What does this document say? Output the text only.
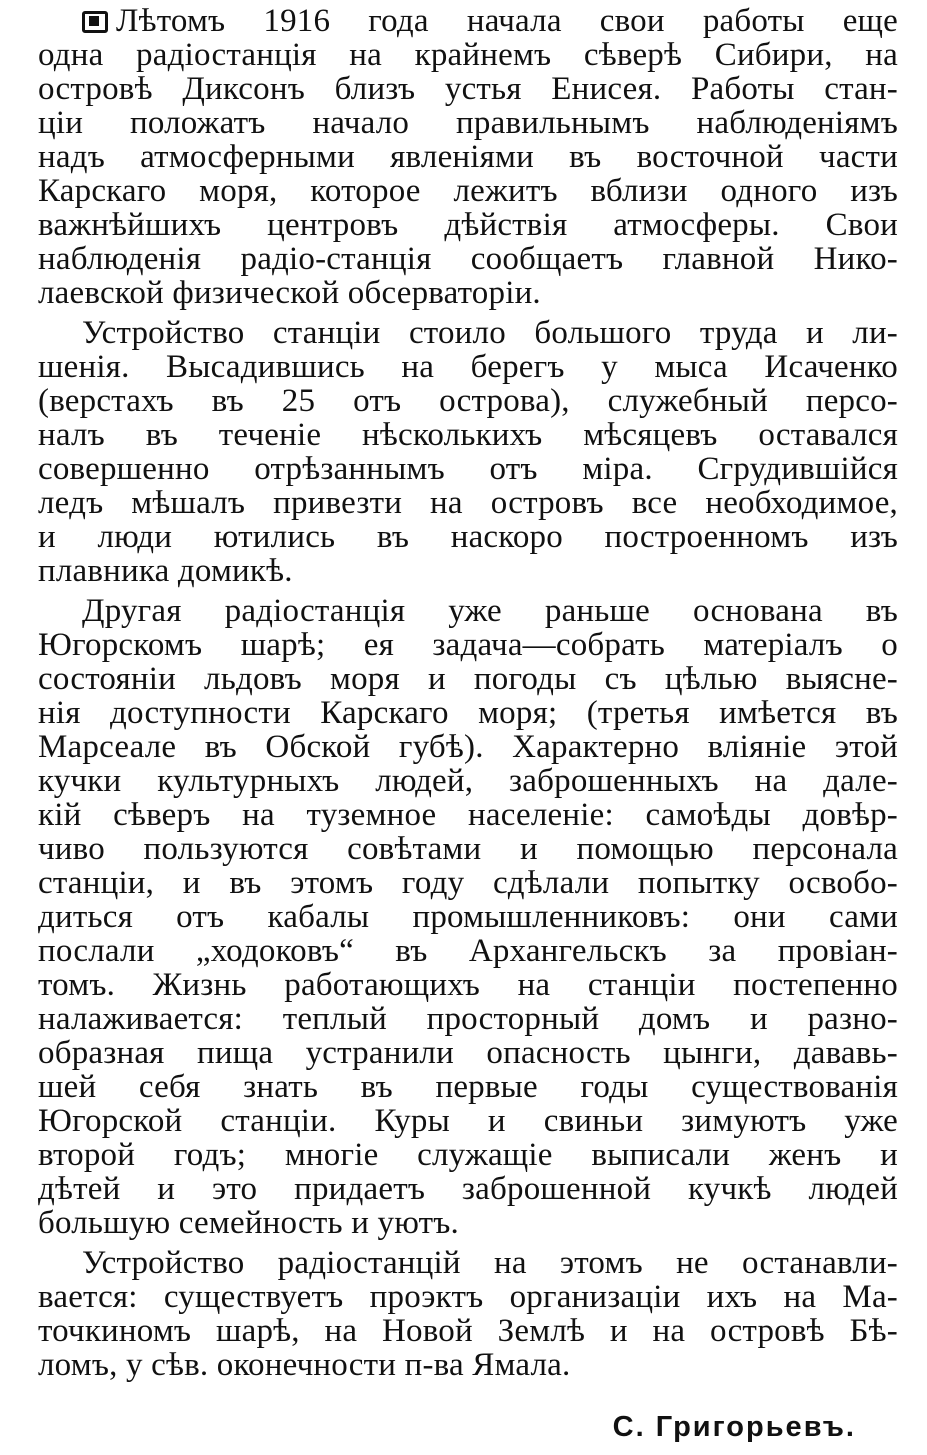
Лѣтомъ 1916 года начала свои работы еще
одна радіостанція на крайнемъ сѣверѣ Сибири, на
островѣ Диксонъ близъ устья Енисея. Работы стан-
ціи положатъ начало правильнымъ наблюденіямъ
надъ атмосферными явленіями въ восточной части
Карскаго моря, которое лежитъ вблизи одного изъ
важнѣйшихъ центровъ дѣйствія атмосферы. Свои
наблюденія радіо-станція сообщаетъ главной Нико-
лаевской физической обсерваторіи.
Устройство станціи стоило большого труда и ли-
шенія. Высадившись на берегъ у мыса Исаченко
(верстахъ въ 25 отъ острова), служебный персо-
налъ въ теченіе нѣсколькихъ мѣсяцевъ оставался
совершенно отрѣзаннымъ отъ міра. Сгрудившійся
ледъ мѣшалъ привезти на островъ все необходимое,
и люди ютились въ наскоро построенномъ изъ
плавника домикѣ.
Другая радіостанція уже раньше основана въ
Югорскомъ шарѣ; ея задача—собрать матеріалъ о
состояніи льдовъ моря и погоды съ цѣлью выясне-
нія доступности Карскаго моря; (третья имѣется въ
Марсеале въ Обской губѣ). Характерно вліяніе этой
кучки культурныхъ людей, заброшенныхъ на дале-
кій сѣверъ на туземное населеніе: самоѣды довѣр-
чиво пользуются совѣтами и помощью персонала
станціи, и въ этомъ году сдѣлали попытку освобо-
диться отъ кабалы промышленниковъ: они сами
послали „ходоковъ“ въ Архангельскъ за провіан-
томъ. Жизнь работающихъ на станціи постепенно
налаживается: теплый просторный домъ и разно-
образная пища устранили опасность цынги, дававь-
шей себя знать въ первые годы существованія
Югорской станціи. Куры и свиньи зимуютъ уже
второй годъ; многіе служащіе выписали женъ и
дѣтей и это придаетъ заброшенной кучкѣ людей
большую семейность и уютъ.
Устройство радіостанцій на этомъ не останавли-
вается: существуетъ проэктъ организаціи ихъ на Ма-
точкиномъ шарѣ, на Новой Землѣ и на островѣ Бѣ-
ломъ, у сѣв. оконечности п-ва Ямала.
С. Григорьевъ.
